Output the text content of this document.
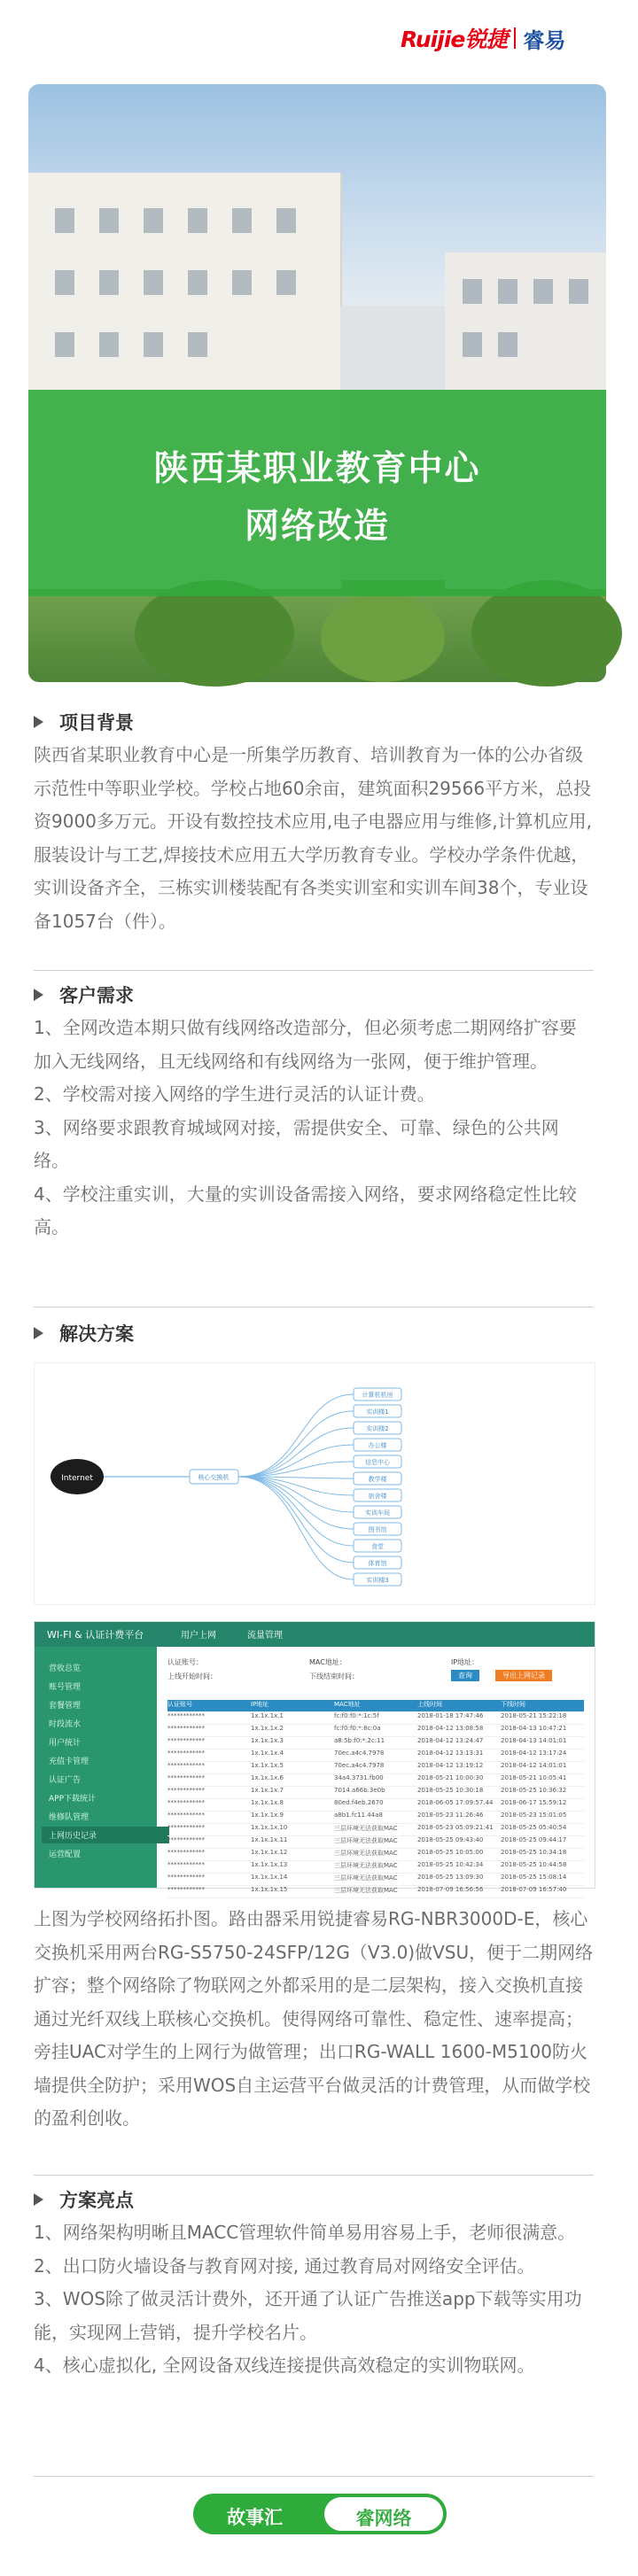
Ruijie锐捷 睿易
陕西某职业教育中心
网络改造
项目背景

陕西省某职业教育中心是一所集学历教育、培训教育为一体的公办省级示范性中等职业学校。学校占地60余亩，建筑面积29566平方米，总投资9000多万元。开设有数控技术应用,电子电器应用与维修,计算机应用,服装设计与工艺,焊接技术应用五大学历教育专业。学校办学条件优越，实训设备齐全，三栋实训楼装配有各类实训室和实训车间38个，专业设备1057台（件）。

客户需求

1、全网改造本期只做有线网络改造部分，但必须考虑二期网络扩容要加入无线网络，且无线网络和有线网络为一张网，便于维护管理。

2、学校需对接入网络的学生进行灵活的认证计费。

3、网络要求跟教育城域网对接，需提供安全、可靠、绿色的公共网络。

4、学校注重实训，大量的实训设备需接入网络，要求网络稳定性比较高。

解决方案
Internet	核心交换机
计算机机房
实训楼1
实训楼2
办公楼
信息中心
教学楼
宿舍楼
实训车间
图书馆
食堂
体育馆
实训楼3
WI-FI & 认证计费平台	用户上网	流量管理
营收总览
账号管理
套餐管理
时段流水
用户统计
充值卡管理
认证广告
APP下载统计
维修队管理
上网历史记录
运营配置
认证账号：	MAC地址：	IP地址：
上线开始时间：	下线结束时间：	查询	导出上网记录
认证账号	IP地址	MAC地址	上线时间	下线时间
************	1x.1x.1x.1	fc:f0:f0:*:1c:5f	2018-01-18 17:47:46	2018-05-21 15:22:18
************	1x.1x.1x.2	fc:f0:f0:*:8c:0a	2018-04-12 13:08:58	2018-04-13 10:47:21
************	1x.1x.1x.3	a8:5b:f0:*:2c:11	2018-04-12 13:24:47	2018-04-13 14:01:01
************	1x.1x.1x.4	70ec.a4c4.7978	2018-04-12 13:13:31	2018-04-12 13:17:24
************	1x.1x.1x.5	70ec.a4c4.7978	2018-04-12 13:19:12	2018-04-12 14:01:01
************	1x.1x.1x.6	34a4.3731.fb00	2018-05-21 10:00:30	2018-05-21 10:05:41
************	1x.1x.1x.7	7014.a66b.3e0b	2018-05-25 10:30:18	2018-05-25 10:36:32
************	1x.1x.1x.8	80ed.f4eb.2670	2018-06-05 17:09:57.44	2018-06-17 15:59:12
************	1x.1x.1x.9	a8b1.fc11.44a8	2018-05-23 11:26:46	2018-05-23 15:01:05
************	1x.1x.1x.10	三层环境无法获取MAC	2018-05-23 05:09:21:41	2018-05-25 05:40:54
************	1x.1x.1x.11	三层环境无法获取MAC	2018-05-25 09:43:40	2018-05-25 09:44:17
************	1x.1x.1x.12	三层环境无法获取MAC	2018-05-25 10:05:00	2018-05-25 10:34:18
************	1x.1x.1x.13	三层环境无法获取MAC	2018-05-25 10:42:34	2018-05-25 10:44:58
************	1x.1x.1x.14	三层环境无法获取MAC	2018-05-25 13:09:30	2018-05-25 15:08:14
************	1x.1x.1x.15	三层环境无法获取MAC	2018-07-09 16:56:56	2018-07-09 16:57:40

上图为学校网络拓扑图。路由器采用锐捷睿易RG-NBR3000D-E，核心交换机采用两台RG-S5750-24SFP/12G（V3.0)做VSU，便于二期网络扩容；整个网络除了物联网之外都采用的是二层架构，接入交换机直接通过光纤双线上联核心交换机。使得网络可靠性、稳定性、速率提高；旁挂UAC对学生的上网行为做管理；出口RG-WALL 1600-M5100防火墙提供全防护；采用WOS自主运营平台做灵活的计费管理，从而做学校的盈利创收。

方案亮点

1、网络架构明晰且MACC管理软件简单易用容易上手，老师很满意。

2、出口防火墙设备与教育网对接, 通过教育局对网络安全评估。

3、WOS除了做灵活计费外，还开通了认证广告推送app下载等实用功能，实现网上营销，提升学校名片。

4、核心虚拟化, 全网设备双线连接提供高效稳定的实训物联网。

故事汇	睿网络
